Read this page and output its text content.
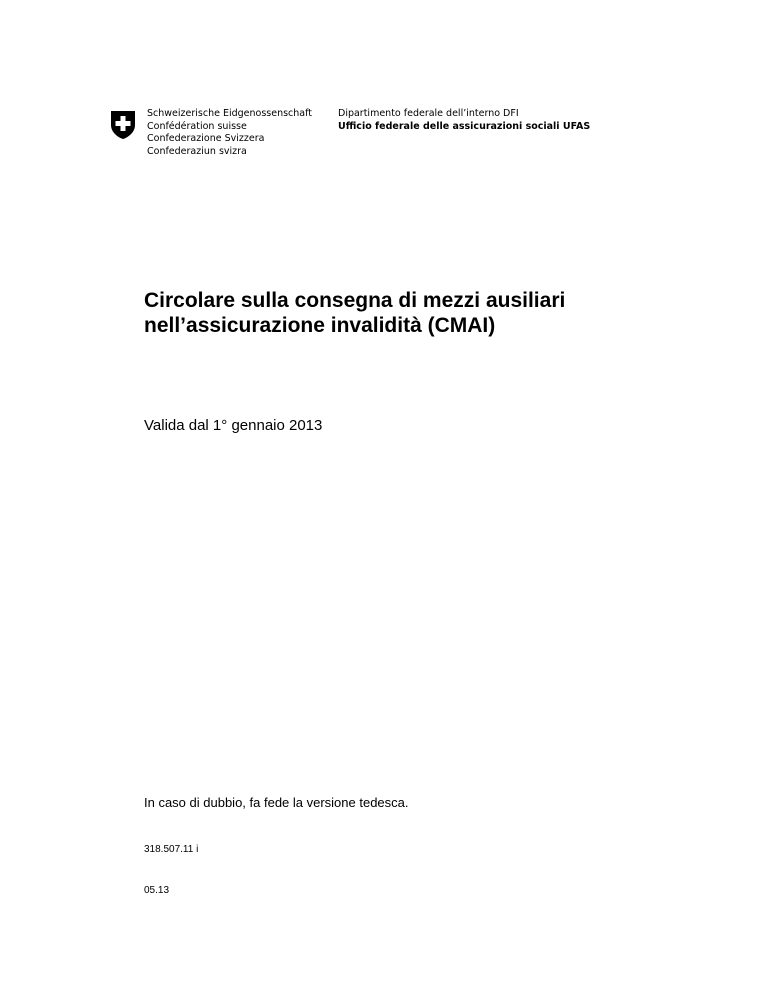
Schweizerische Eidgenossenschaft
Confédération suisse
Confederazione Svizzera
Confederaziun svizra
Dipartimento federale dell’interno DFI
Ufficio federale delle assicurazioni sociali UFAS
Circolare sulla consegna di mezzi ausiliari
nell’assicurazione invalidità (CMAI)
Valida dal 1° gennaio 2013
In caso di dubbio, fa fede la versione tedesca.
318.507.11 i
05.13
